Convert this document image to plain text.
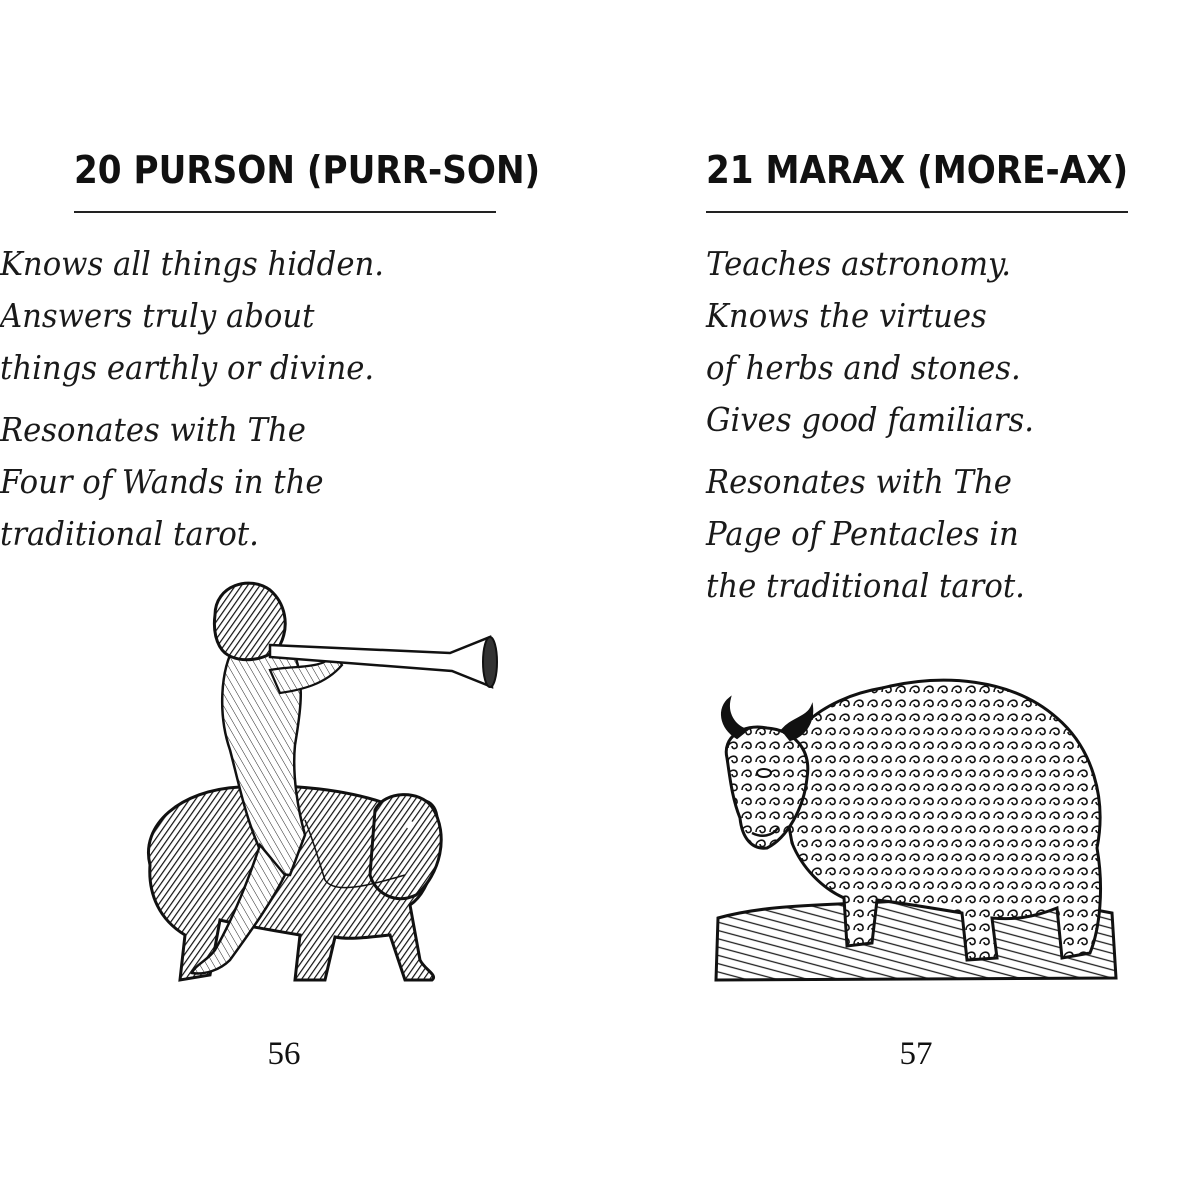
20 PURSON (PURR-SON)

Knows all things hidden.
Answers truly about
things earthly or divine.

Resonates with The
Four of Wands in the
traditional tarot.

56
21 MARAX (MORE-AX)

Teaches astronomy.
Knows the virtues
of herbs and stones.
Gives good familiars.

Resonates with The
Page of Pentacles in
the traditional tarot.

57
